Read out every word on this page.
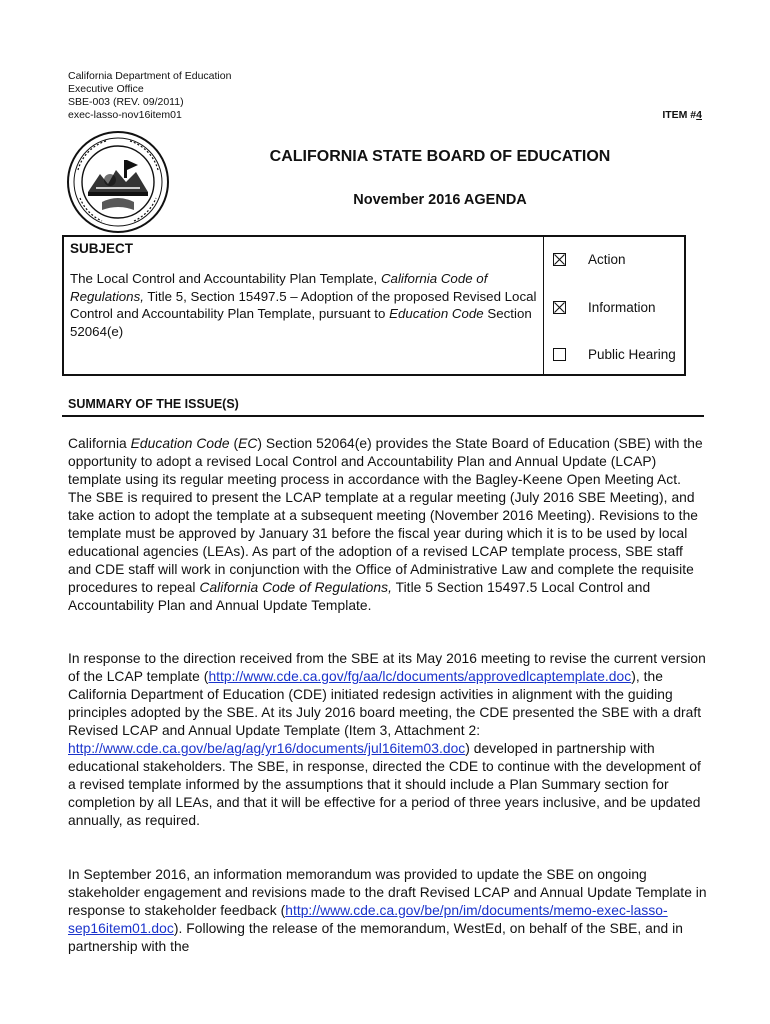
California Department of Education
Executive Office
SBE-003 (REV. 09/2011)
exec-lasso-nov16item01	ITEM #4
CALIFORNIA STATE BOARD OF EDUCATION
November 2016 AGENDA
SUBJECT
The Local Control and Accountability Plan Template, California Code of Regulations, Title 5, Section 15497.5 – Adoption of the proposed Revised Local Control and Accountability Plan Template, pursuant to Education Code Section 52064(e)
Action
Information
Public Hearing
SUMMARY OF THE ISSUE(S)
California Education Code (EC) Section 52064(e) provides the State Board of Education (SBE) with the opportunity to adopt a revised Local Control and Accountability Plan and Annual Update (LCAP) template using its regular meeting process in accordance with the Bagley-Keene Open Meeting Act. The SBE is required to present the LCAP template at a regular meeting (July 2016 SBE Meeting), and take action to adopt the template at a subsequent meeting (November 2016 Meeting). Revisions to the template must be approved by January 31 before the fiscal year during which it is to be used by local educational agencies (LEAs). As part of the adoption of a revised LCAP template process, SBE staff and CDE staff will work in conjunction with the Office of Administrative Law and complete the requisite procedures to repeal California Code of Regulations, Title 5 Section 15497.5 Local Control and Accountability Plan and Annual Update Template.
In response to the direction received from the SBE at its May 2016 meeting to revise the current version of the LCAP template (http://www.cde.ca.gov/fg/aa/lc/documents/approvedlcaptemplate.doc), the California Department of Education (CDE) initiated redesign activities in alignment with the guiding principles adopted by the SBE. At its July 2016 board meeting, the CDE presented the SBE with a draft Revised LCAP and Annual Update Template (Item 3, Attachment 2: http://www.cde.ca.gov/be/ag/ag/yr16/documents/jul16item03.doc) developed in partnership with educational stakeholders. The SBE, in response, directed the CDE to continue with the development of a revised template informed by the assumptions that it should include a Plan Summary section for completion by all LEAs, and that it will be effective for a period of three years inclusive, and be updated annually, as required.
In September 2016, an information memorandum was provided to update the SBE on ongoing stakeholder engagement and revisions made to the draft Revised LCAP and Annual Update Template in response to stakeholder feedback (http://www.cde.ca.gov/be/pn/im/documents/memo-exec-lasso-sep16item01.doc). Following the release of the memorandum, WestEd, on behalf of the SBE, and in partnership with the
